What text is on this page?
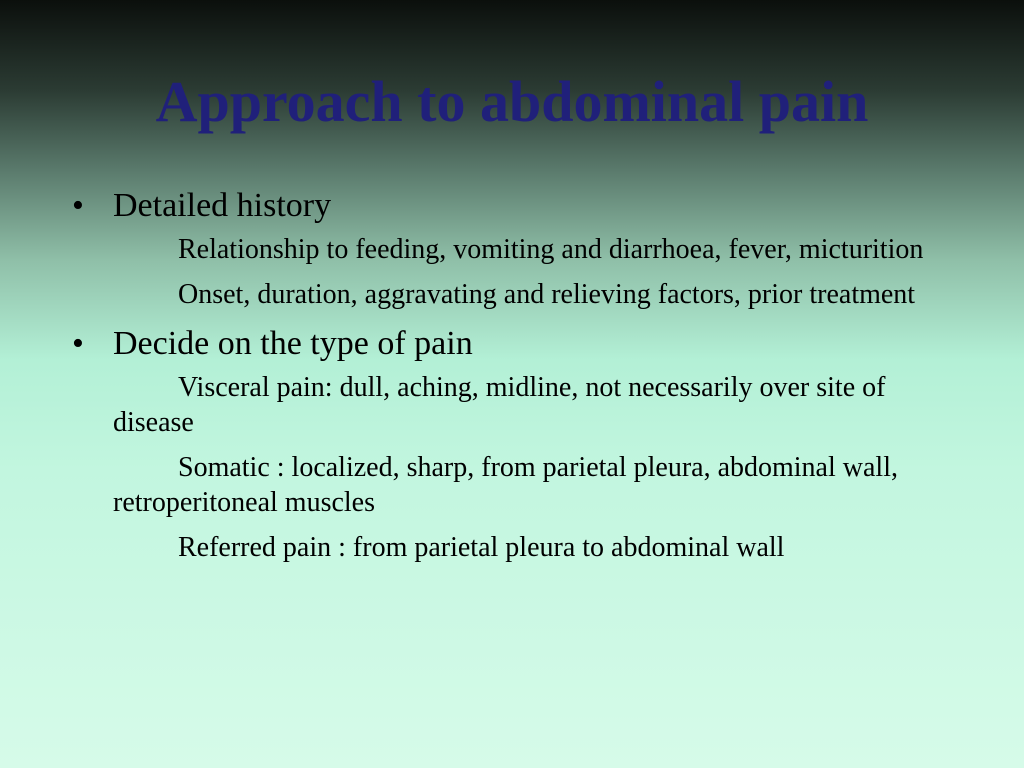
Approach to abdominal pain
• Detailed history
Relationship to feeding, vomiting and diarrhoea, fever, micturition
Onset, duration, aggravating and relieving factors, prior treatment
• Decide on the type of pain
Visceral pain: dull, aching, midline, not necessarily over site of disease
Somatic : localized, sharp, from parietal pleura, abdominal wall, retroperitoneal muscles
Referred pain : from parietal pleura to abdominal wall
